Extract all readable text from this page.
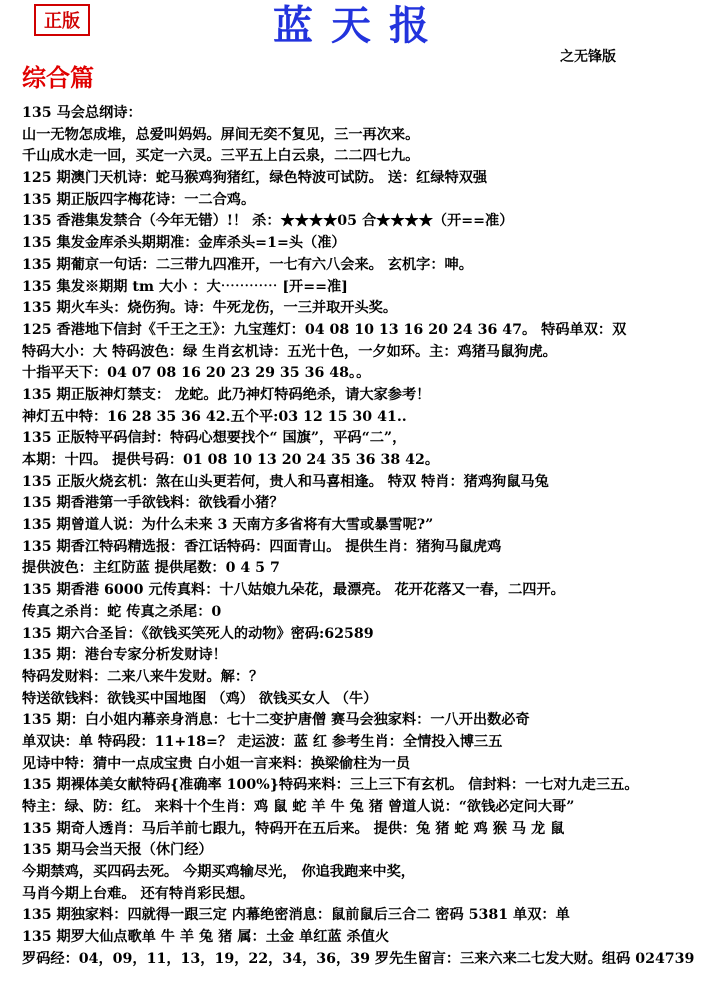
正版	蓝天报
之无锋版
综合篇
135 马会总纲诗：
山一无物怎成堆，总爱叫妈妈。屏间无奕不复见，三一再次来。
千山成水走一回，买定一六灵。三平五上白云泉，二二四七九。
125 期澳门天机诗：蛇马猴鸡狗猪红，绿色特波可试防。 送：红绿特双强
135 期正版四字梅花诗：一二合鸡。
135 香港集发禁合（今年无错）!！ 杀：★★★★05 合★★★★（开==准）
135 集发金库杀头期期准：金库杀头=1=头（准）
135 期葡京一句话：二三带九四准开，一七有六八会来。 玄机字：呻。
135 集发※期期 tm 大小 ：大⋯⋯⋯⋯ [开==准]
135 期火车头：烧伤狗。诗：牛死龙伤，一三并取开头奖。
125 香港地下信封《千王之王》：九宝莲灯：04 08 10 13 16 20 24 36 47。 特码单双：双
特码大小：大 特码波色：绿 生肖玄机诗：五光十色，一夕如环。主：鸡猪马鼠狗虎。
十指平天下：04 07 08 16 20 23 29 35 36 48。。
135 期正版神灯禁支： 龙蛇。此乃神灯特码绝杀，请大家参考！
神灯五中特：16 28 35 36 42.五个平:03 12 15 30 41..
135 正版特平码信封：特码心想要找个“ 国旗”，平码“二”，
本期：十四。 提供号码：01 08 10 13 20 24 35 36 38 42。
135 正版火烧玄机：煞在山头更若何，贵人和马喜相逢。 特双 特肖：猪鸡狗鼠马兔
135 期香港第一手欲钱料：欲钱看小猪？
135 期曾道人说：为什么未来 3 天南方多省将有大雪或暴雪呢?”
135 期香江特码精选报：香江话特码：四面青山。 提供生肖：猪狗马鼠虎鸡
提供波色：主红防蓝 提供尾数：0 4 5 7
135 期香港 6000 元传真料：十八姑娘九朵花，最漂亮。 花开花落又一春，二四开。
传真之杀肖：蛇 传真之杀尾：0
135 期六合圣旨：《欲钱买笑死人的动物》密码:62589
135 期：港台专家分析发财诗！
特码发财料：二来八来牛发财。解：？
特送欲钱料：欲钱买中国地图 （鸡） 欲钱买女人 （牛）
135 期：白小姐内幕亲身消息：七十二变护唐僧 赛马会独家料：一八开出数必奇
单双诀：单 特码段：11+18=？ 走运波：蓝 红 参考生肖：全情投入博三五
见诗中特：猜中一点成宝贵 白小姐一言来料：换梁偷柱为一员
135 期裸体美女献特码{准确率 100%}特码来料：三上三下有玄机。 信封料：一七对九走三五。
特主：绿、防：红。 来料十个生肖：鸡 鼠 蛇 羊 牛 兔 猪 曾道人说：“欲钱必定问大哥”
135 期奇人透肖：马后羊前七跟九，特码开在五后来。 提供：兔 猪 蛇 鸡 猴 马 龙 鼠
135 期马会当天报（休门经）
今期禁鸡，买四码去死。 今期买鸡输尽光， 你追我跑来中奖，
马肖今期上台难。 还有特肖彩民想。
135 期独家料：四就得一跟三定 内幕绝密消息：鼠前鼠后三合二 密码 5381 单双：单
135 期罗大仙点歌单 牛 羊 兔 猪 属：土金 单红蓝 杀值火
罗码经：04，09，11，13，19，22，34，36，39 罗先生留言：三来六来二七发大财。组码 024739
